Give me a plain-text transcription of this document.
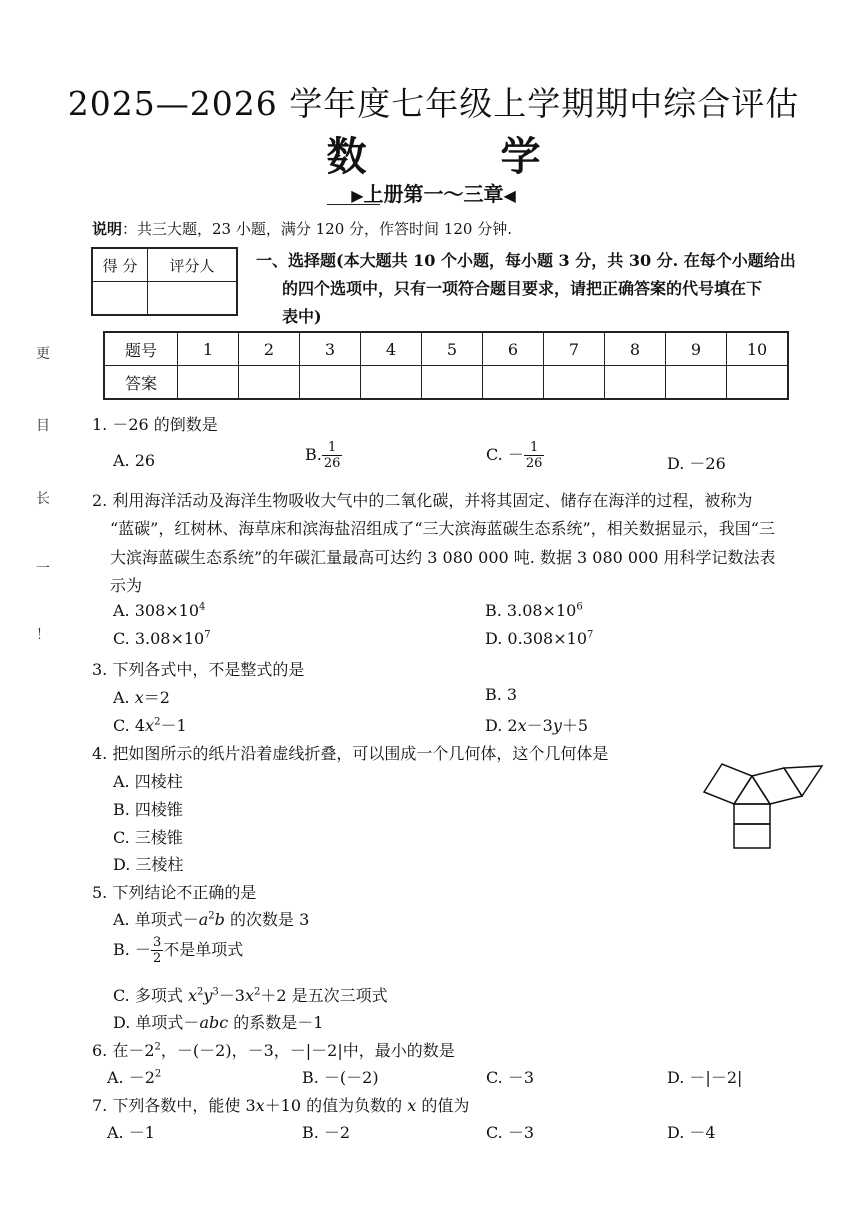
2025—2026 学年度七年级上学期期中综合评估
数 学
▶上册第一～三章◀
说明：共三大题，23 小题，满分 120 分，作答时间 120 分钟.
得 分	评分人
		一、选择题(本大题共 10 个小题，每小题 3 分，共 30 分. 在每个小题给出
的四个选项中，只有一项符合题目要求，请把正确答案的代号填在下
表中)
题号	1	2	3	4	5	6	7	8	9	10
答案										
更
目
长
一
！
1. －26 的倒数是
A. 26	B. $\frac{1}{26}$	C. － $\frac{1}{26}$	D. －26
2. 利用海洋活动及海洋生物吸收大气中的二氧化碳，并将其固定、储存在海洋的过程，被称为
“蓝碳”，红树林、海草床和滨海盐沼组成了“三大滨海蓝碳生态系统”，相关数据显示，我国“三
大滨海蓝碳生态系统”的年碳汇量最高可达约 3 080 000 吨. 数据 3 080 000 用科学记数法表
示为
A. $308\times 10^4$	B. $3.08\times 10^6$
C. $3.08\times 10^7$	D. $0.308\times 10^7$
3. 下列各式中，不是整式的是
A. x＝2	B. 3
C. $4x^2-1$	D. 2x－3y＋5
4. 把如图所示的纸片沿着虚线折叠，可以围成一个几何体，这个几何体是
A. 四棱柱
B. 四棱锥
C. 三棱锥
D. 三棱柱
5. 下列结论不正确的是
A. 单项式$-a^2b$ 的次数是 3
B. － $\frac{3}{2}$ 不是单项式
C. 多项式 $x^2y^3-3x^2+2$ 是五次三项式
D. 单项式－abc 的系数是－1
6. 在$-2^2$，－(－2)，－3，－|－2|中，最小的数是
A. $-2^2$	B. －(－2)	C. －3	D. －|－2|
7. 下列各数中，能使 3x＋10 的值为负数的 x 的值为
A. －1	B. －2	C. －3	D. －4
